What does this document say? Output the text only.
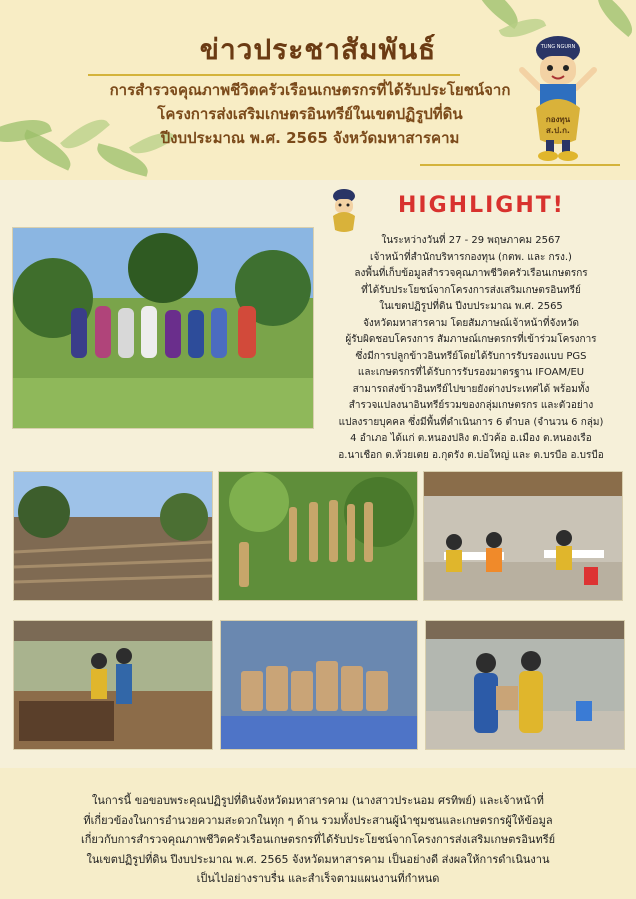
ข่าวประชาสัมพันธ์
การสำรวจคุณภาพชีวิตครัวเรือนเกษตรกรที่ได้รับประโยชน์จาก
โครงการส่งเสริมเกษตรอินทรีย์ในเขตปฏิรูปที่ดิน
ปีงบประมาณ พ.ศ. 2565 จังหวัดมหาสารคาม
TUNG NGURN
กองทุน
ส.ป.ก.
HIGHLIGHT!
ในระหว่างวันที่ 27 - 29 พฤษภาคม 2567
เจ้าหน้าที่สำนักบริหารกองทุน (กตพ. และ กรง.)
ลงพื้นที่เก็บข้อมูลสำรวจคุณภาพชีวิตครัวเรือนเกษตรกร
ที่ได้รับประโยชน์จากโครงการส่งเสริมเกษตรอินทรีย์
ในเขตปฏิรูปที่ดิน ปีงบประมาณ พ.ศ. 2565
จังหวัดมหาสารคาม โดยสัมภาษณ์เจ้าหน้าที่จังหวัด
ผู้รับผิดชอบโครงการ สัมภาษณ์เกษตรกรที่เข้าร่วมโครงการ
ซึ่งมีการปลูกข้าวอินทรีย์โดยได้รับการรับรองแบบ PGS
และเกษตรกรที่ได้รับการรับรองมาตรฐาน IFOAM/EU
สามารถส่งข้าวอินทรีย์ไปขายยังต่างประเทศได้ พร้อมทั้ง
สำรวจแปลงนาอินทรีย์รวมของกลุ่มเกษตรกร และตัวอย่าง
แปลงรายบุคคล ซึ่งมีพื้นที่ดำเนินการ 6 ตำบล (จำนวน 6 กลุ่ม)
4 อำเภอ ได้แก่ ต.หนองปลิง ต.บัวค้อ อ.เมือง ต.หนองเรือ
อ.นาเชือก ต.ห้วยเตย อ.กุดรัง ต.บ่อใหญ่ และ ต.บรบือ อ.บรบือ
ในการนี้ ขอขอบพระคุณปฏิรูปที่ดินจังหวัดมหาสารคาม (นางสาวประนอม ศรทิพย์) และเจ้าหน้าที่
ที่เกี่ยวข้องในการอำนวยความสะดวกในทุก ๆ ด้าน รวมทั้งประสานผู้นำชุมชนและเกษตรกรผู้ให้ข้อมูล
เกี่ยวกับการสำรวจคุณภาพชีวิตครัวเรือนเกษตรกรที่ได้รับประโยชน์จากโครงการส่งเสริมเกษตรอินทรีย์
ในเขตปฏิรูปที่ดิน ปีงบประมาณ พ.ศ. 2565 จังหวัดมหาสารคาม เป็นอย่างดี ส่งผลให้การดำเนินงาน
เป็นไปอย่างราบรื่น และสำเร็จตามแผนงานที่กำหนด
